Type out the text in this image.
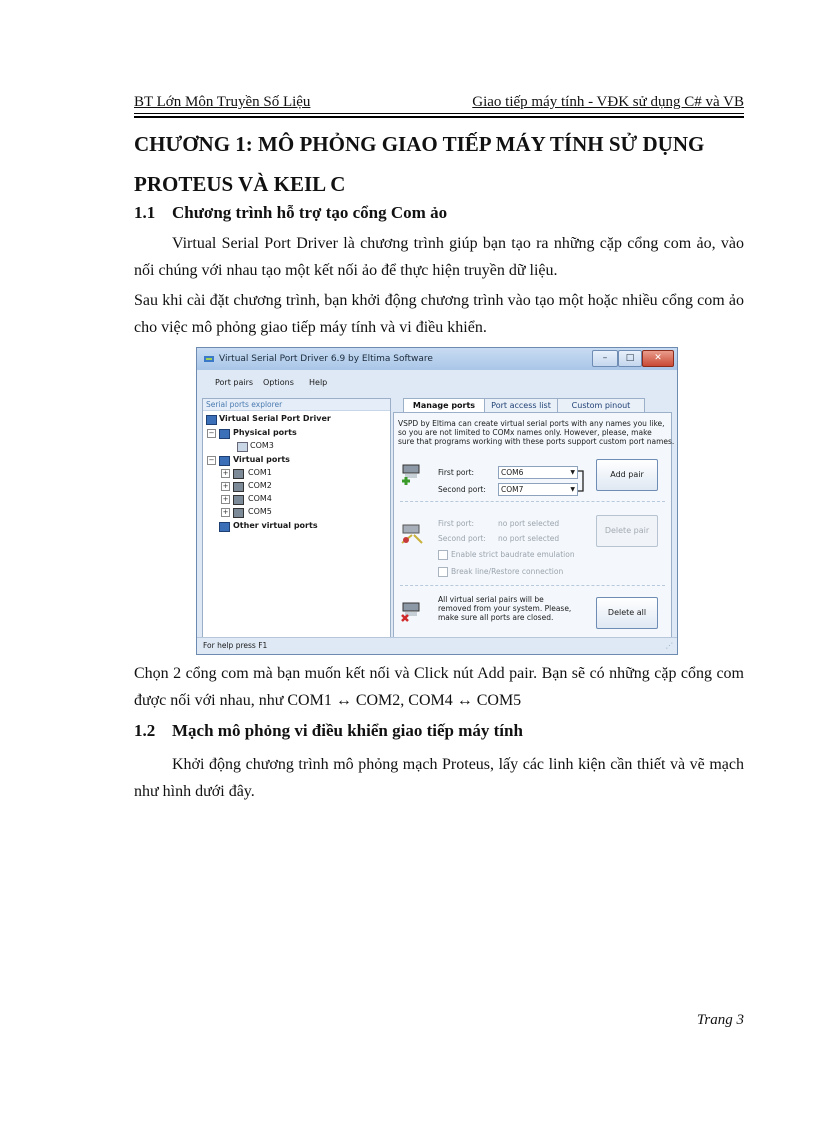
BT Lớn Môn Truyền Số Liệu	Giao tiếp máy tính - VĐK sử dụng C# và VB
CHƯƠNG 1: MÔ PHỎNG GIAO TIẾP MÁY TÍNH SỬ DỤNG
PROTEUS VÀ KEIL C
1.1 Chương trình hỗ trợ tạo cổng Com ảo
Virtual Serial Port Driver là chương trình giúp bạn tạo ra những cặp cổng com ảo, vào nối chúng với nhau tạo một kết nối ảo để thực hiện truyền dữ liệu.
Sau khi cài đặt chương trình, bạn khởi động chương trình vào tạo một hoặc nhiều cổng com ảo cho việc mô phỏng giao tiếp máy tính và vi điều khiển.
Virtual Serial Port Driver 6.9 by Eltima Software	–	□	✕
Port pairs Options Help
Serial ports explorer
Virtual Serial Port Driver
− Physical ports
COM3
− Virtual ports
+ COM1
+ COM2
+ COM4
+ COM5
Other virtual ports
Manage ports	Port access list	Custom pinout
VSPD by Eltima can create virtual serial ports with any names you like,
so you are not limited to COMx names only. However, please, make
sure that programs working with these ports support custom port names.
First port:	COM6	▼
Second port:	COM7	▼
Add pair
First port:	no port selected
Second port: no port selected
Delete pair
Enable strict baudrate emulation
Break line/Restore connection
All virtual serial pairs will be
removed from your system. Please,
make sure all ports are closed.
Delete all
For help press F1	⋰
Chọn 2 cổng com mà bạn muốn kết nối và Click nút Add pair. Bạn sẽ có những cặp cổng com được nối với nhau, như COM1 ↔ COM2, COM4 ↔ COM5
1.2 Mạch mô phỏng vi điều khiển giao tiếp máy tính
Khởi động chương trình mô phỏng mạch Proteus, lấy các linh kiện cần thiết và vẽ mạch như hình dưới đây.
Trang 3
